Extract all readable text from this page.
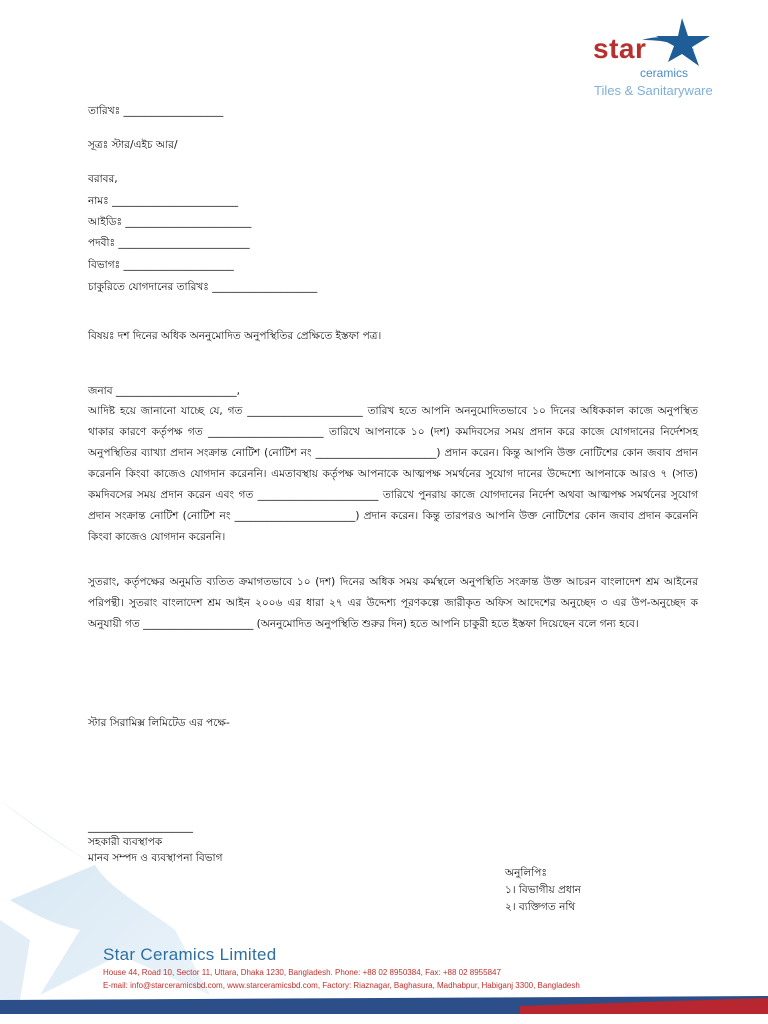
star
ceramics
Tiles & Sanitaryware
তারিখঃ ___________________
সূত্রঃ স্টার/এইচ আর/
বরাবর,
নামঃ ________________________
আইডিঃ ________________________
পদবীঃ _________________________
বিভাগঃ _____________________
চাকুরিতে যোগদানের তারিখঃ ____________________
বিষয়ঃ দশ দিনের অধিক অননুমোদিত অনুপস্থিতির প্রেক্ষিতে ইস্তফা পত্র।
জনাব _______________________,
আদিষ্ট হয়ে জানানো যাচ্ছে যে, গত ______________________ তারিখ হতে আপনি অননুমোদিতভাবে ১০ দিনের অধিককাল কাজে অনুপস্থিত থাকার কারণে কর্তৃপক্ষ গত ______________________ তারিখে আপনাকে ১০ (দশ) কমদিবসের সময় প্রদান করে কাজে যোগদানের নির্দেশসহ অনুপস্থিতির ব্যাখ্যা প্রদান সংক্রান্ত নোটিশ (নোটিশ নং _______________________) প্রদান করেন। কিন্তু আপনি উক্ত নোটিশের কোন জবাব প্রদান করেননি কিংবা কাজেও যোগদান করেননি। এমতাবস্থায় কর্তৃপক্ষ আপনাকে আত্মপক্ষ সমর্থনের সুযোগ দানের উদ্দেশ্যে আপনাকে আরও ৭ (সাত) কমদিবসের সময় প্রদান করেন এবং গত _______________________ তারিখে পুনরায় কাজে যোগদানের নির্দেশ অথবা আত্মপক্ষ সমর্থনের সুযোগ প্রদান সংক্রান্ত নোটিশ (নোটিশ নং _______________________) প্রদান করেন। কিন্তু তারপরও আপনি উক্ত নোটিশের কোন জবাব প্রদান করেননি কিংবা কাজেও যোগদান করেননি।
সুতরাং, কর্তৃপক্ষের অনুমতি ব্যতিত ক্রমাগতভাবে ১০ (দশ) দিনের অধিক সময় কর্মস্থলে অনুপস্থিতি সংক্রান্ত উক্ত আচরন বাংলাদেশ শ্রম আইনের পরিপন্থী। সুতরাং বাংলাদেশ শ্রম আইন ২০০৬ এর ধারা ২৭ এর উদ্দেশ্য পূরণকল্পে জারীকৃত অফিস আদেশের অনুচ্ছেদ ৩ এর উপ-অনুচ্ছেদ ক অনুযায়ী গত _____________________ (অননুমোদিত অনুপস্থিতি শুরুর দিন) হতে আপনি চাকুরী হতে ইস্তফা দিয়েছেন বলে গন্য হবে।
স্টার সিরামিক্স লিমিটেড এর পক্ষে-
____________________
সহকারী ব্যবস্থাপক
মানব সম্পদ ও ব্যবস্থাপনা বিভাগ
অনুলিপিঃ
১। বিভাগীয় প্রধান
২। ব্যক্তিগত নথি
Star Ceramics Limited
House 44, Road 10, Sector 11, Uttara, Dhaka 1230, Bangladesh. Phone: +88 02 8950384, Fax: +88 02 8955847
E-mail: info@starceramicsbd.com, www.starceramicsbd.com, Factory: Riaznagar, Baghasura, Madhabpur, Habiganj 3300, Bangladesh
